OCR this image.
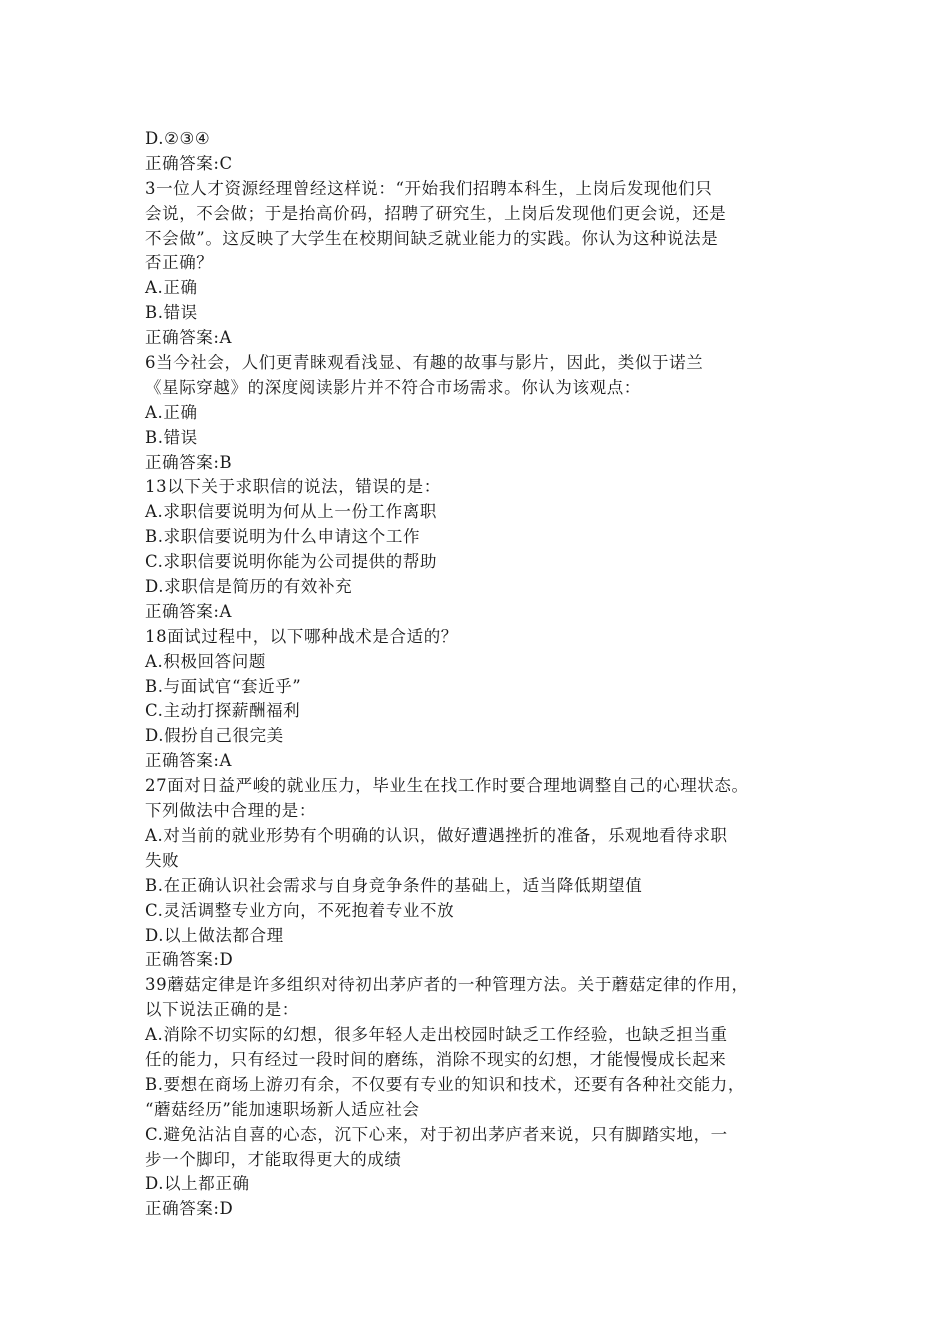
D.②③④
正确答案:C
3一位人才资源经理曾经这样说：“开始我们招聘本科生，上岗后发现他们只
会说，不会做；于是抬高价码，招聘了研究生，上岗后发现他们更会说，还是
不会做”。这反映了大学生在校期间缺乏就业能力的实践。你认为这种说法是
否正确？
A.正确
B.错误
正确答案:A
6当今社会，人们更青睐观看浅显、有趣的故事与影片，因此，类似于诺兰
《星际穿越》的深度阅读影片并不符合市场需求。你认为该观点：
A.正确
B.错误
正确答案:B
13以下关于求职信的说法，错误的是：
A.求职信要说明为何从上一份工作离职
B.求职信要说明为什么申请这个工作
C.求职信要说明你能为公司提供的帮助
D.求职信是简历的有效补充
正确答案:A
18面试过程中，以下哪种战术是合适的？
A.积极回答问题
B.与面试官“套近乎”
C.主动打探薪酬福利
D.假扮自己很完美
正确答案:A
27面对日益严峻的就业压力，毕业生在找工作时要合理地调整自己的心理状态。
下列做法中合理的是：
A.对当前的就业形势有个明确的认识，做好遭遇挫折的准备，乐观地看待求职
失败
B.在正确认识社会需求与自身竞争条件的基础上，适当降低期望值
C.灵活调整专业方向，不死抱着专业不放
D.以上做法都合理
正确答案:D
39蘑菇定律是许多组织对待初出茅庐者的一种管理方法。关于蘑菇定律的作用，
以下说法正确的是：
A.消除不切实际的幻想，很多年轻人走出校园时缺乏工作经验，也缺乏担当重
任的能力，只有经过一段时间的磨练，消除不现实的幻想，才能慢慢成长起来
B.要想在商场上游刃有余，不仅要有专业的知识和技术，还要有各种社交能力，
“蘑菇经历”能加速职场新人适应社会
C.避免沾沾自喜的心态，沉下心来，对于初出茅庐者来说，只有脚踏实地，一
步一个脚印，才能取得更大的成绩
D.以上都正确
正确答案:D
